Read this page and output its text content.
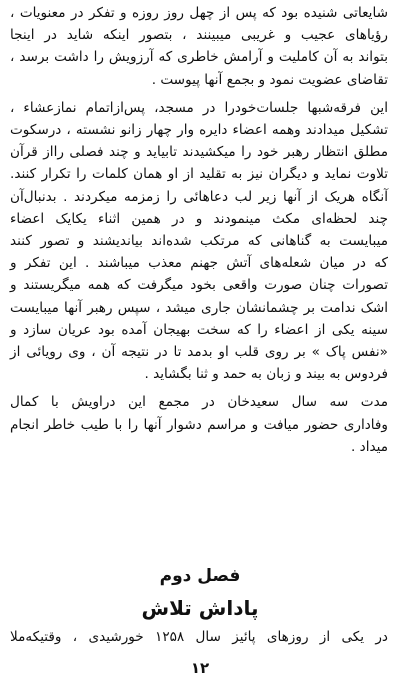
شایعاتی شنیده بود که پس از چهل روز روزه و تفکر در معنویات ،
رؤیاهای عجیب و غریبی میبینند ، بتصور اینکه شاید در اینجا
بتواند به آن کاملیت و آرامش خاطری که آرزویش را داشت برسد ،
تقاضای عضویت نمود و بجمع آنها پیوست .

این فرقه‌شبها جلسات‌خودرا در مسجد، پس‌ازاتمام نمازعشاء ،
تشکیل میدادند وهمه اعضاء دایره وار چهار زانو نشسته ، درسکوت
مطلق انتظار رهبر خود را میکشیدند تابیاید و چند فصلی رااز قرآن
تلاوت نماید و دیگران نیز به تقلید از او همان کلمات را تکرار کنند.
آنگاه هریک از آنها زیر لب دعاهائی را زمزمه میکردند . بدنبال‌آن
چند لحظه‌ای مکث مینمودند و در همین اثناء یکایک اعضاء
میبایست به گناهانی که مرتکب شده‌اند بیاندیشند و تصور کنند
که در میان شعله‌های آتش جهنم معذب میباشند . این تفکر و
تصورات چنان صورت واقعی بخود میگرفت که همه میگریستند و
اشک ندامت بر چشمانشان جاری میشد ، سپس رهبر آنها میبایست
سینه یکی از اعضاء را که سخت بهیجان آمده بود عریان سازد و
«نفس پاک » بر روی قلب او بدمد تا در نتیجه آن ، وی رویائی از
فردوس به بیند و زبان به حمد و ثنا بگشاید .

مدت سه سال سعیدخان در مجمع این دراویش با کمال
وفاداری حضور میافت و مراسم دشوار آنها را با طیب خاطر انجام
میداد .

فصل دوم
پاداش تلاش
در یکی از روزهای پائیز سال ۱۲۵۸ خورشیدی ، وقتیکه‌ملا
۱۲
